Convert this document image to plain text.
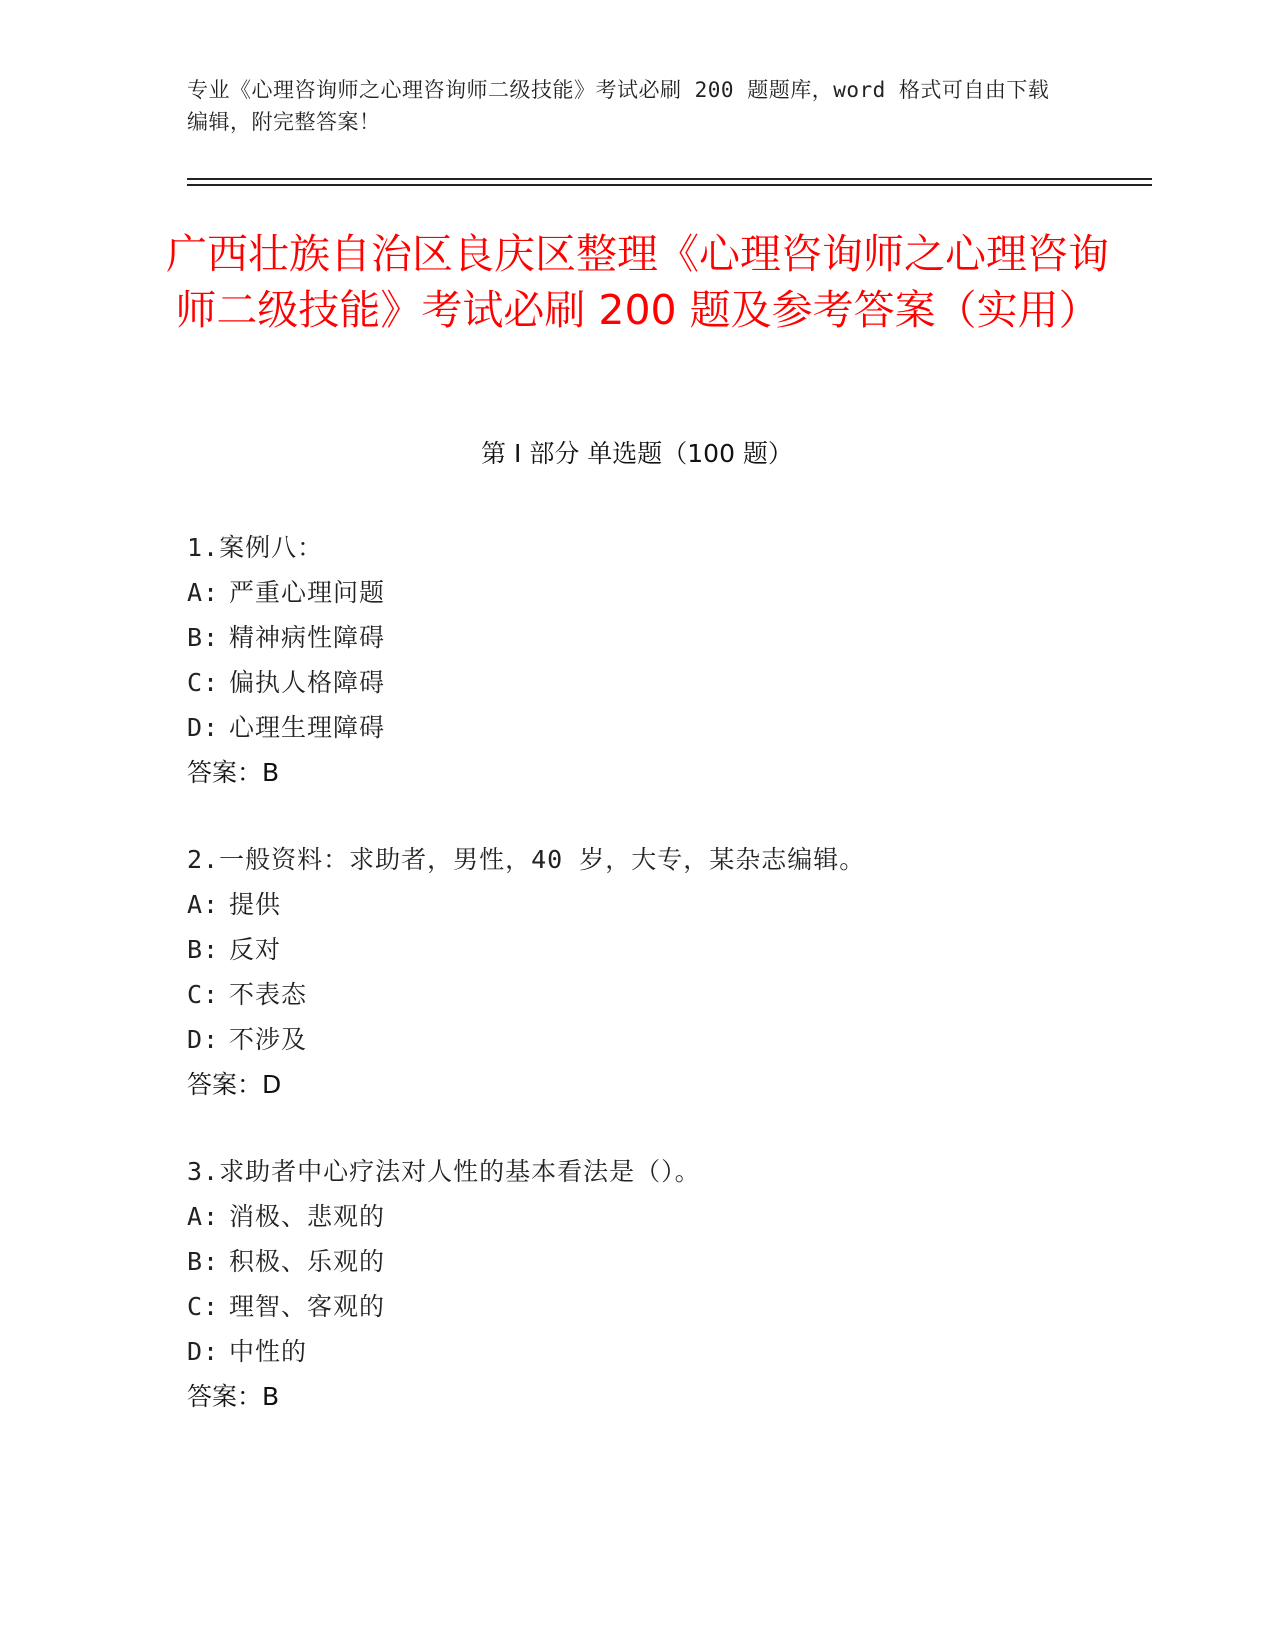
专业《心理咨询师之心理咨询师二级技能》考试必刷 200 题题库，word 格式可自由下载编辑，附完整答案！
广西壮族自治区良庆区整理《心理咨询师之心理咨询师二级技能》考试必刷 200 题及参考答案（实用）
第 I 部分 单选题（100 题）
1.案例八：
A: 严重心理问题
B: 精神病性障碍
C: 偏执人格障碍
D: 心理生理障碍
答案：B
2.一般资料：求助者，男性，40 岁，大专，某杂志编辑。
A: 提供
B: 反对
C: 不表态
D: 不涉及
答案：D
3.求助者中心疗法对人性的基本看法是（）。
A: 消极、悲观的
B: 积极、乐观的
C: 理智、客观的
D: 中性的
答案：B
